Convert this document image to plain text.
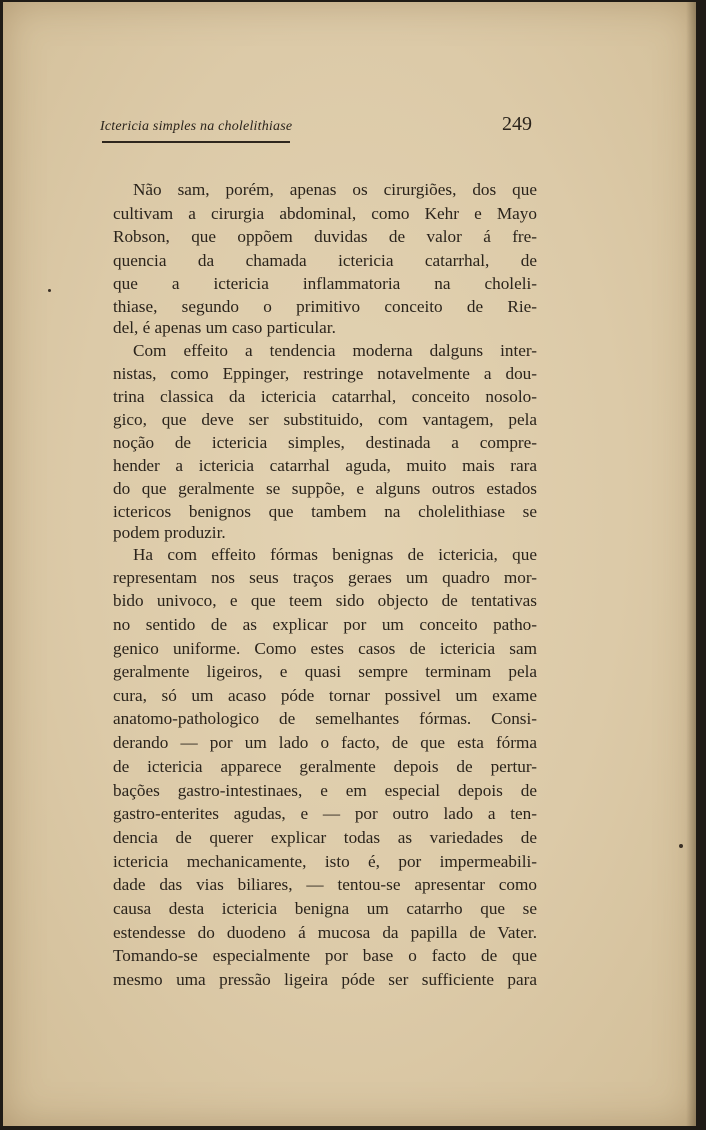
Ictericia simples na cholelithiase	249
Não sam, porém, apenas os cirurgiões, dos que
cultivam a cirurgia abdominal, como Kehr e Mayo
Robson, que oppõem duvidas de valor á fre-
quencia da chamada ictericia catarrhal, de
que a ictericia inflammatoria na choleli-
thiase, segundo o primitivo conceito de Rie-
del, é apenas um caso particular.
Com effeito a tendencia moderna dalguns inter-
nistas, como Eppinger, restringe notavelmente a dou-
trina classica da ictericia catarrhal, conceito nosolo-
gico, que deve ser substituido, com vantagem, pela
noção de ictericia simples, destinada a compre-
hender a ictericia catarrhal aguda, muito mais rara
do que geralmente se suppõe, e alguns outros estados
ictericos benignos que tambem na cholelithiase se
podem produzir.
Ha com effeito fórmas benignas de ictericia, que
representam nos seus traços geraes um quadro mor-
bido univoco, e que teem sido objecto de tentativas
no sentido de as explicar por um conceito patho-
genico uniforme. Como estes casos de ictericia sam
geralmente ligeiros, e quasi sempre terminam pela
cura, só um acaso póde tornar possivel um exame
anatomo-pathologico de semelhantes fórmas. Consi-
derando — por um lado o facto, de que esta fórma
de ictericia apparece geralmente depois de pertur-
bações gastro-intestinaes, e em especial depois de
gastro-enterites agudas, e — por outro lado a ten-
dencia de querer explicar todas as variedades de
ictericia mechanicamente, isto é, por impermeabili-
dade das vias biliares, — tentou-se apresentar como
causa desta ictericia benigna um catarrho que se
estendesse do duodeno á mucosa da papilla de Vater.
Tomando-se especialmente por base o facto de que
mesmo uma pressão ligeira póde ser sufficiente para
